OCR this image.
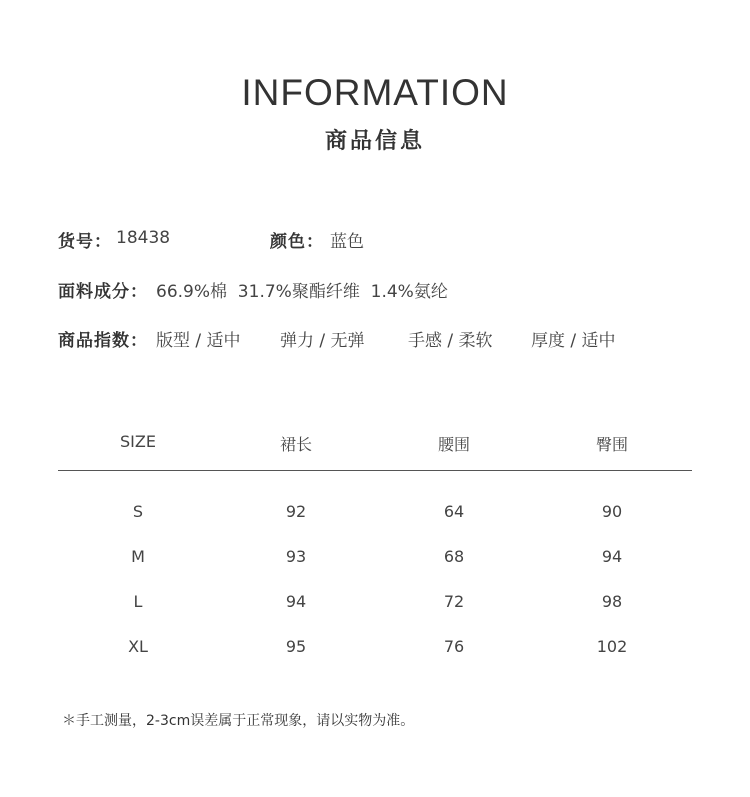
INFORMATION
商品信息
货号： 18438	颜色： 蓝色
面料成分： 66.9%棉  31.7%聚酯纤维  1.4%氨纶
商品指数： 版型 / 适中 弹力 / 无弹	手感 / 柔软 厚度 / 适中
SIZE	裙长	腰围	臀围
S	92	64	90
M	93	68	94
L	94	72	98
XL	95	76	102
＊手工测量，2-3cm误差属于正常现象，请以实物为准。
